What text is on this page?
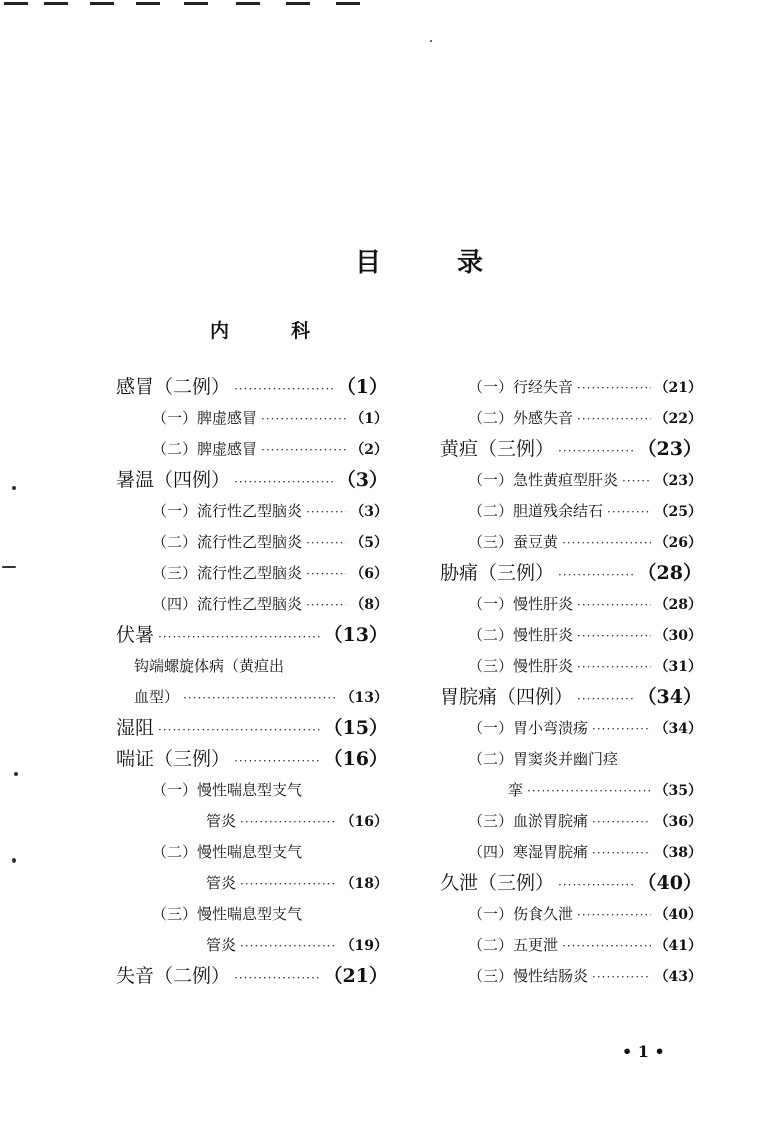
目	录
内	科
感冒（二例） ·····	（1）
（一）脾虚感冒 ·····	（1）
（二）脾虚感冒 ·····	（2）
暑温（四例） ·····	（3）
（一）流行性乙型脑炎 ·····	（3）
（二）流行性乙型脑炎 ·····	（5）
（三）流行性乙型脑炎 ·····	（6）
（四）流行性乙型脑炎 ·····	（8）
伏暑 ·····	（13）
钩端螺旋体病（黄疸出
血型） ·····	（13）
湿阻 ·····	（15）
喘证（三例） ·····	（16）
（一）慢性喘息型支气
管炎 ·····	（16）
（二）慢性喘息型支气
管炎 ·····	（18）
（三）慢性喘息型支气
管炎 ·····	（19）
失音（二例） ·····	（21）
（一）行经失音 ·····	（21）
（二）外感失音 ·····	（22）
黄疸（三例） ·····	（23）
（一）急性黄疸型肝炎 ·····	（23）
（二）胆道残余结石 ·····	（25）
（三）蚕豆黄 ·····	（26）
胁痛（三例） ·····	（28）
（一）慢性肝炎 ·····	（28）
（二）慢性肝炎 ·····	（30）
（三）慢性肝炎 ·····	（31）
胃脘痛（四例） ·····	（34）
（一）胃小弯溃疡 ·····	（34）
（二）胃窦炎并幽门痉
挛 ·····	（35）
（三）血淤胃脘痛 ·····	（36）
（四）寒湿胃脘痛 ·····	（38）
久泄（三例） ·····	（40）
（一）伤食久泄 ·····	（40）
（二）五更泄 ·····	（41）
（三）慢性结肠炎 ·····	（43）
• 1 •
